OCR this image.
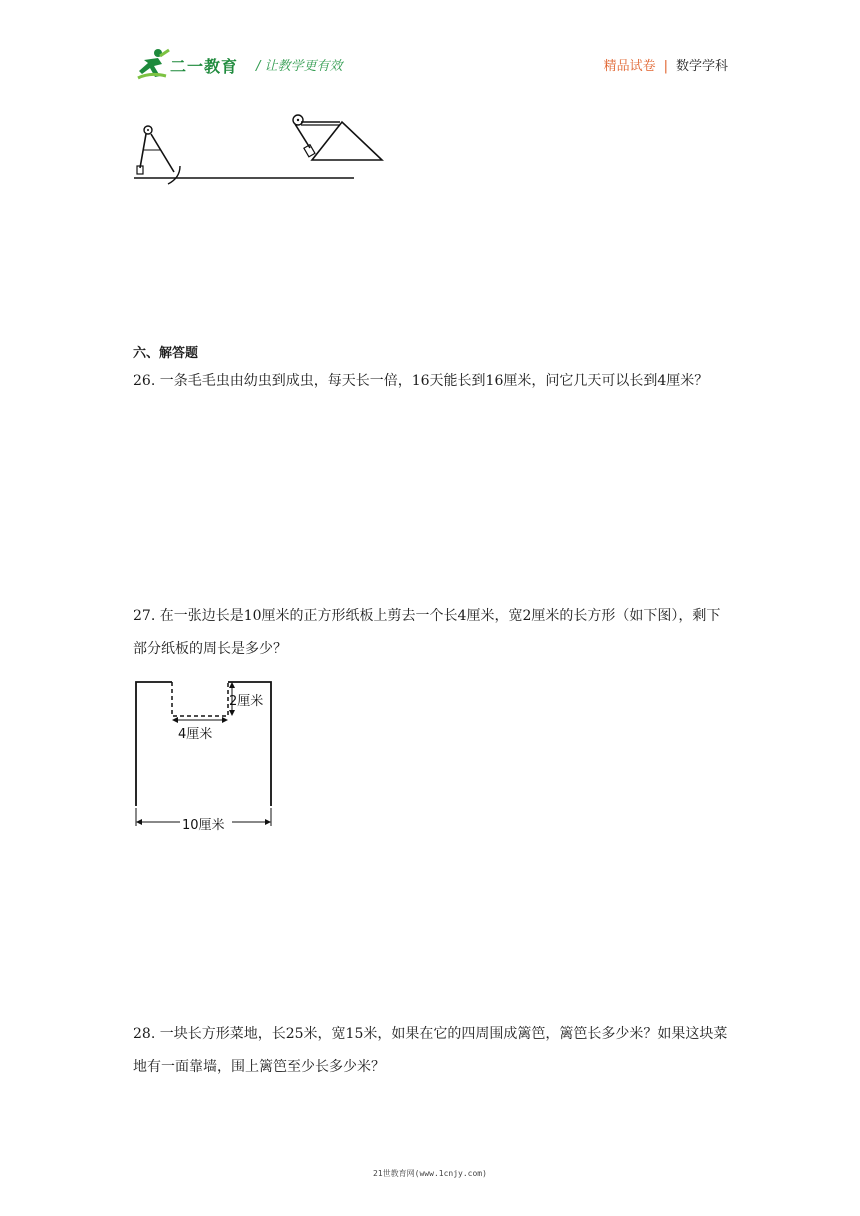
二一教育 / 让教学更有效	精品试卷 | 数学学科
六、解答题
26. 一条毛毛虫由幼虫到成虫，每天长一倍，16天能长到16厘米，问它几天可以长到4厘米？
27. 在一张边长是10厘米的正方形纸板上剪去一个长4厘米，宽2厘米的长方形（如下图），剩下部分纸板的周长是多少？
2厘米
4厘米
10厘米
28. 一块长方形菜地，长25米，宽15米，如果在它的四周围成篱笆，篱笆长多少米？如果这块菜地有一面靠墙，围上篱笆至少长多少米？
21世教育网(www.1cnjy.com)
